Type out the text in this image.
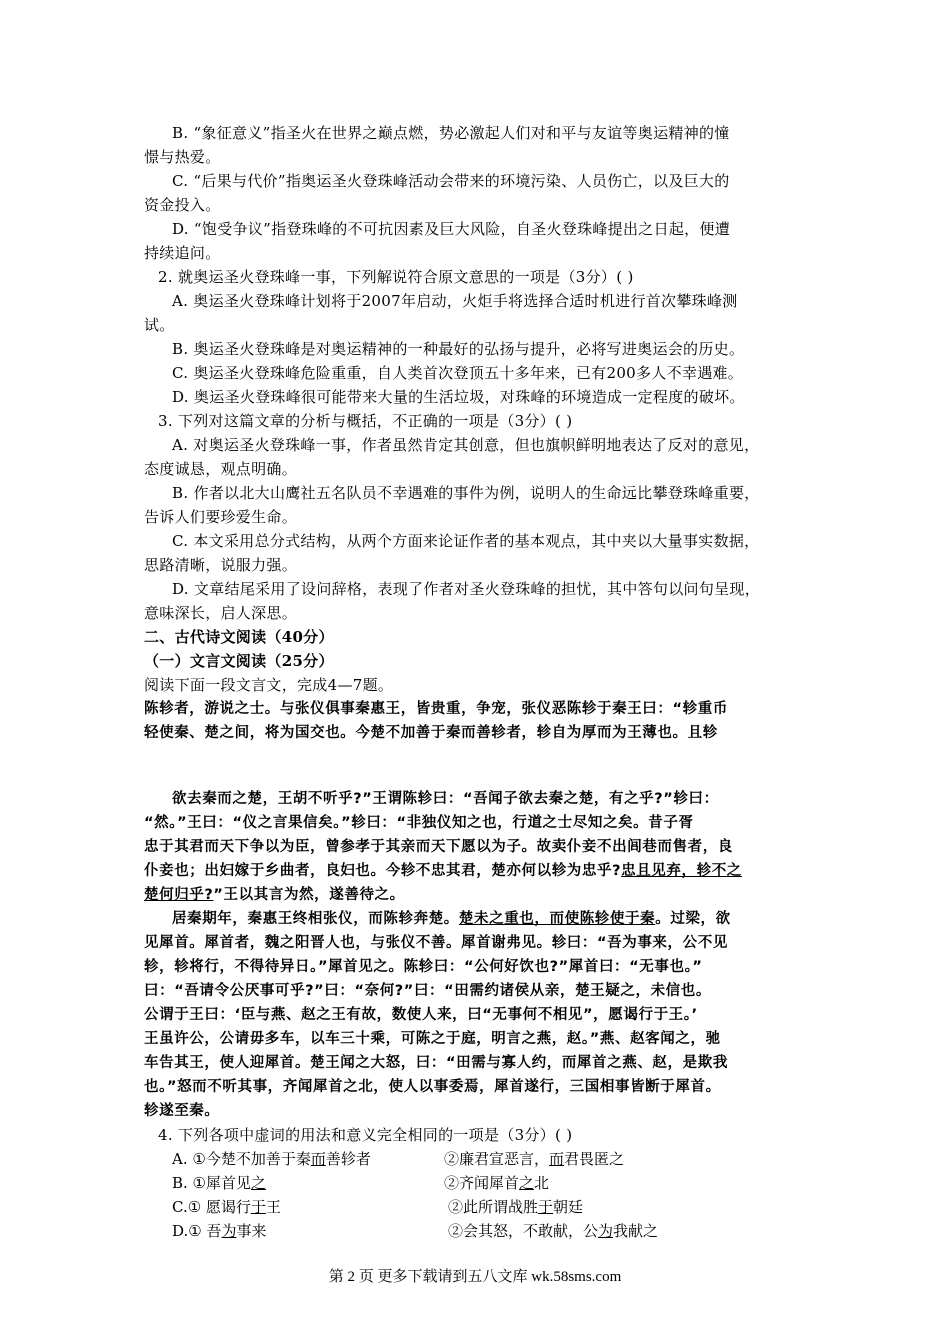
B. “象征意义”指圣火在世界之巅点燃，势必激起人们对和平与友谊等奥运精神的憧

憬与热爱。

C. “后果与代价”指奥运圣火登珠峰活动会带来的环境污染、人员伤亡，以及巨大的

资金投入。

D. “饱受争议”指登珠峰的不可抗因素及巨大风险，自圣火登珠峰提出之日起，便遭

持续追问。

2. 就奥运圣火登珠峰一事，下列解说符合原文意思的一项是（3分）( )

A. 奥运圣火登珠峰计划将于2007年启动，火炬手将选择合适时机进行首次攀珠峰测

试。

B. 奥运圣火登珠峰是对奥运精神的一种最好的弘扬与提升，必将写进奥运会的历史。

C. 奥运圣火登珠峰危险重重，自人类首次登顶五十多年来，已有200多人不幸遇难。

D. 奥运圣火登珠峰很可能带来大量的生活垃圾，对珠峰的环境造成一定程度的破坏。

3. 下列对这篇文章的分析与概括，不正确的一项是（3分）( )

A. 对奥运圣火登珠峰一事，作者虽然肯定其创意，但也旗帜鲜明地表达了反对的意见，

态度诚恳，观点明确。

B. 作者以北大山鹰社五名队员不幸遇难的事件为例，说明人的生命远比攀登珠峰重要，

告诉人们要珍爱生命。

C. 本文采用总分式结构，从两个方面来论证作者的基本观点，其中夹以大量事实数据，

思路清晰，说服力强。

D. 文章结尾采用了设问辞格，表现了作者对圣火登珠峰的担忧，其中答句以问句呈现，

意味深长，启人深思。

二、古代诗文阅读（40分）

（一）文言文阅读（25分）

阅读下面一段文言文，完成4—7题。

陈轸者，游说之士。与张仪俱事秦惠王，皆贵重，争宠，张仪恶陈轸于秦王曰：“轸重币

轻使秦、楚之间，将为国交也。今楚不加善于秦而善轸者，轸自为厚而为王薄也。且轸

欲去秦而之楚，王胡不听乎?”王谓陈轸曰：“吾闻子欲去秦之楚，有之乎?”轸曰：

“然。”王曰：“仪之言果信矣。”轸曰：“非独仪知之也，行道之士尽知之矣。昔子胥

忠于其君而天下争以为臣，曾参孝于其亲而天下愿以为子。故卖仆妾不出闾巷而售者，良

仆妾也；出妇嫁于乡曲者，良妇也。今轸不忠其君，楚亦何以轸为忠乎?忠且见弃，轸不之

楚何归乎?”王以其言为然，遂善待之。

居秦期年，秦惠王终相张仪，而陈轸奔楚。楚未之重也，而使陈轸使于秦。过梁，欲

见犀首。犀首者，魏之阳晋人也，与张仪不善。犀首谢弗见。轸曰：“吾为事来，公不见

轸，轸将行，不得待异日。”犀首见之。陈轸曰：“公何好饮也?”犀首曰：“无事也。”

曰：“吾请令公厌事可乎?”曰：“奈何?”曰：“田需约诸侯从亲，楚王疑之，未信也。

公谓于王曰：‘臣与燕、赵之王有故，数使人来，曰“无事何不相见”，愿谒行于王。’

王虽许公，公请毋多车，以车三十乘，可陈之于庭，明言之燕，赵。”燕、赵客闻之，驰

车告其王，使人迎犀首。楚王闻之大怒，曰：“田需与寡人约，而犀首之燕、赵，是欺我

也。”怒而不听其事，齐闻犀首之北，使人以事委焉，犀首遂行，三国相事皆断于犀首。

轸遂至秦。

4. 下列各项中虚词的用法和意义完全相同的一项是（3分）( )

A. ①今楚不加善于秦而善轸者	②廉君宣恶言，而君畏匿之

B. ①犀首见之	②齐闻犀首之北

C.① 愿谒行于王	②此所谓战胜于朝廷

D.① 吾为事来	②会其怒，不敢献，公为我献之

第 2 页 更多下载请到五八文库 wk.58sms.com
